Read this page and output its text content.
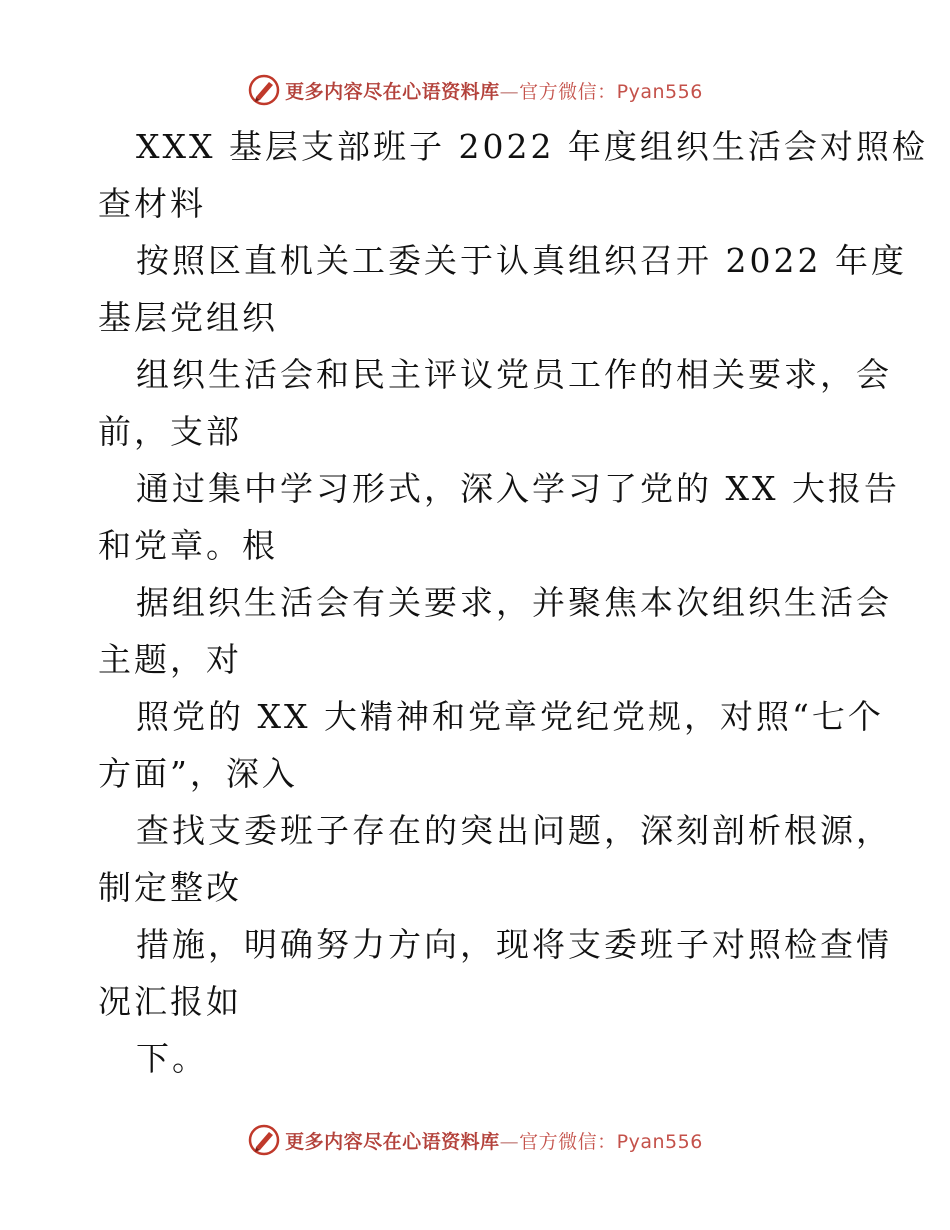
更多内容尽在心语资料库—官方微信：Pyan556
XXX 基层支部班子 2022 年度组织生活会对照检
查材料
按照区直机关工委关于认真组织召开 2022 年度
基层党组织
组织生活会和民主评议党员工作的相关要求，会
前，支部
通过集中学习形式，深入学习了党的 XX 大报告
和党章。根
据组织生活会有关要求，并聚焦本次组织生活会
主题，对
照党的 XX 大精神和党章党纪党规，对照“七个
方面”，深入
查找支委班子存在的突出问题，深刻剖析根源，
制定整改
措施，明确努力方向，现将支委班子对照检查情
况汇报如
下。
更多内容尽在心语资料库—官方微信：Pyan556
